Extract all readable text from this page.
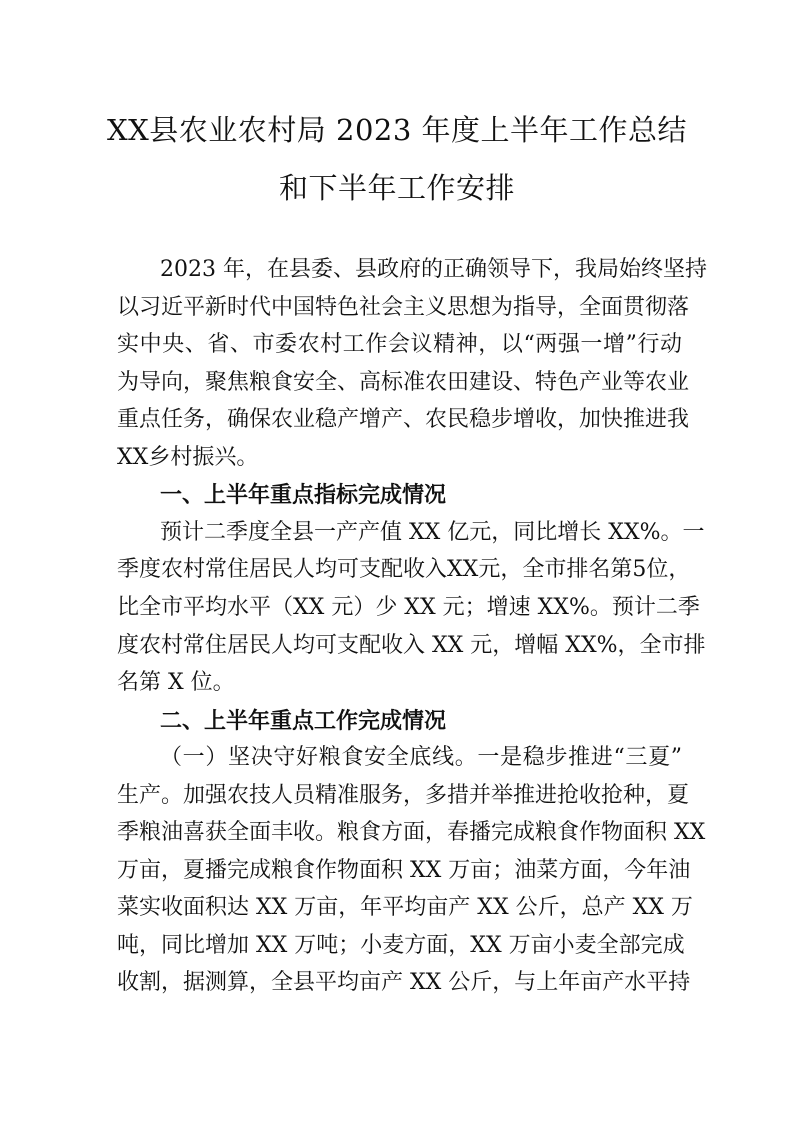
XX县农业农村局 2023 年度上半年工作总结
和下半年工作安排
2023 年，在县委、县政府的正确领导下，我局始终坚持
以习近平新时代中国特色社会主义思想为指导，全面贯彻落
实中央、省、市委农村工作会议精神，以“两强一增”行动
为导向，聚焦粮食安全、高标准农田建设、特色产业等农业
重点任务，确保农业稳产增产、农民稳步增收，加快推进我
XX乡村振兴。
一、上半年重点指标完成情况
预计二季度全县一产产值 XX 亿元，同比增长 XX%。一
季度农村常住居民人均可支配收入XX元，全市排名第5位，
比全市平均水平（XX 元）少 XX 元；增速 XX%。预计二季
度农村常住居民人均可支配收入 XX 元，增幅 XX%，全市排
名第 X 位。
二、上半年重点工作完成情况
（一）坚决守好粮食安全底线。一是稳步推进“三夏”
生产。加强农技人员精准服务，多措并举推进抢收抢种，夏
季粮油喜获全面丰收。粮食方面，春播完成粮食作物面积 XX
万亩，夏播完成粮食作物面积 XX 万亩；油菜方面，今年油
菜实收面积达 XX 万亩，年平均亩产 XX 公斤，总产 XX 万
吨，同比增加 XX 万吨；小麦方面，XX 万亩小麦全部完成
收割，据测算，全县平均亩产 XX 公斤，与上年亩产水平持
